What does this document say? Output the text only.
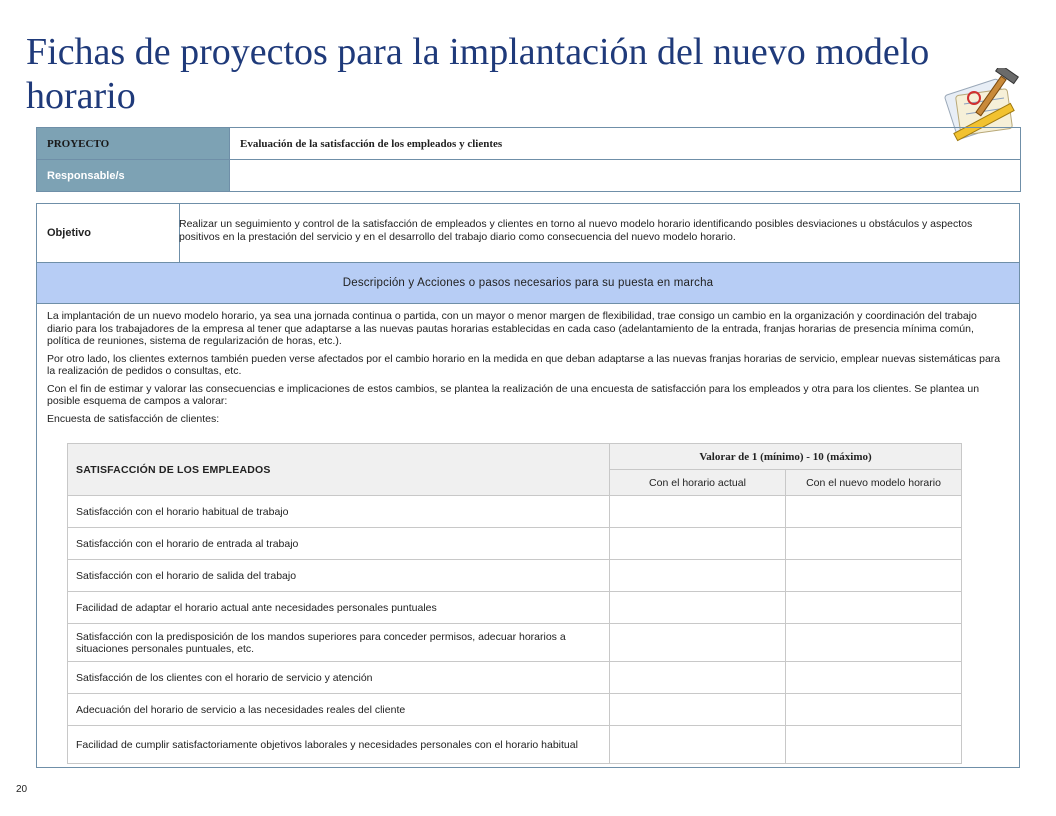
Fichas de proyectos para la implantación del nuevo modelo horario
PROYECTO	Evaluación de la satisfacción de los empleados y clientes
Responsable/s	
Objetivo
Realizar un seguimiento y control de la satisfacción de empleados y clientes en torno al nuevo modelo horario identificando posibles desviaciones u obstáculos y aspectos positivos en la prestación del servicio y en el desarrollo del trabajo diario como consecuencia del nuevo modelo horario.
Descripción y Acciones o pasos necesarios para su puesta en marcha

La implantación de un nuevo modelo horario, ya sea una jornada continua o partida, con un mayor o menor margen de flexibilidad, trae consigo un cambio en la organización y coordinación del trabajo diario para los trabajadores de la empresa al tener que adaptarse a las nuevas pautas horarias establecidas en cada caso (adelantamiento de la entrada, franjas horarias de presencia mínima común, política de reuniones, sistema de regularización de horas, etc.).

Por otro lado, los clientes externos también pueden verse afectados por el cambio horario en la medida en que deban adaptarse a las nuevas franjas horarias de servicio, emplear nuevas sistemáticas para la realización de pedidos o consultas, etc.

Con el fin de estimar y valorar las consecuencias e implicaciones de estos cambios, se plantea la realización de una encuesta de satisfacción para los empleados y otra para los clientes. Se plantea un posible esquema de campos a valorar:

Encuesta de satisfacción de clientes:

SATISFACCIÓN DE LOS EMPLEADOS	Valorar de 1 (mínimo) - 10 (máximo)	
	Con el horario actual	Con el nuevo modelo horario
Satisfacción con el horario habitual de trabajo		
Satisfacción con el horario de entrada al trabajo		
Satisfacción con el horario de salida del trabajo		
Facilidad de adaptar el horario actual ante necesidades personales puntuales		
Satisfacción con la predisposición de los mandos superiores para conceder permisos, adecuar horarios a situaciones personales puntuales, etc.		
Satisfacción de los clientes con el horario de servicio y atención		
Adecuación del horario de servicio a las necesidades reales del cliente		
Facilidad de cumplir satisfactoriamente objetivos laborales y necesidades personales con el horario habitual		
20
